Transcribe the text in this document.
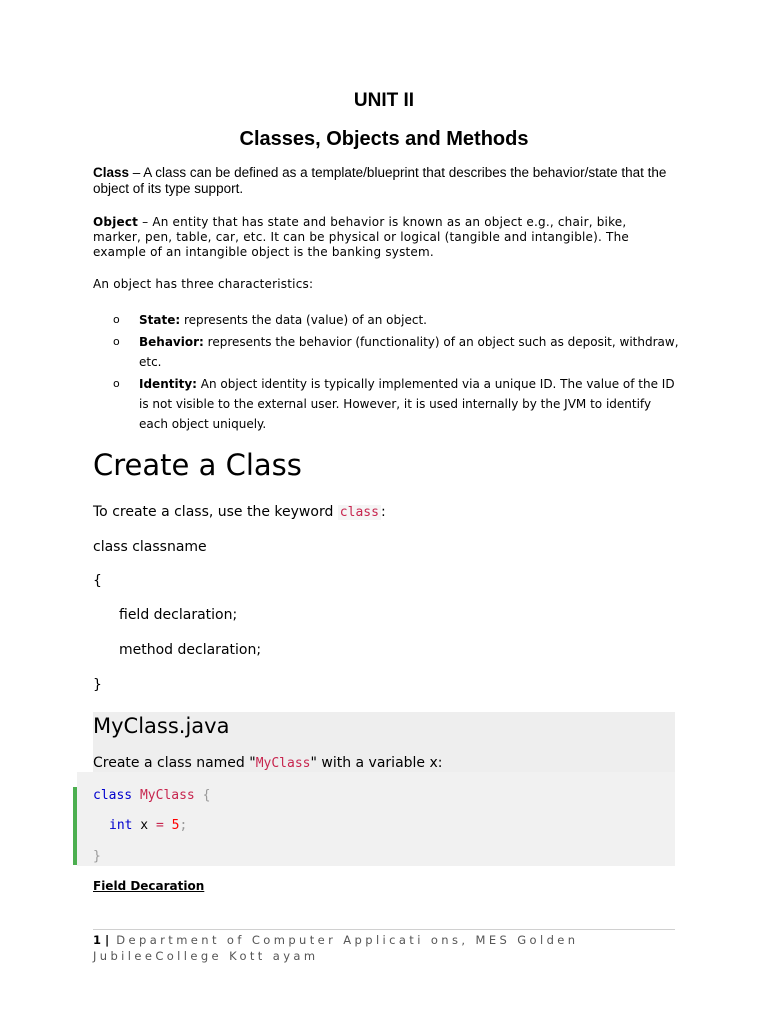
UNIT II
Classes, Objects and Methods
Class – A class can be defined as a template/blueprint that describes the behavior/state that the object of its type support.
Object – An entity that has state and behavior is known as an object e.g., chair, bike, marker, pen, table, car, etc. It can be physical or logical (tangible and intangible). The example of an intangible object is the banking system.
An object has three characteristics:
o State: represents the data (value) of an object.
o Behavior: represents the behavior (functionality) of an object such as deposit, withdraw, etc.
o Identity: An object identity is typically implemented via a unique ID. The value of the ID is not visible to the external user. However, it is used internally by the JVM to identify each object uniquely.
Create a Class
To create a class, use the keyword class :
class classname
{
field declaration;
method declaration;
}
MyClass.java
Create a class named "MyClass" with a variable x:
class MyClass {
int x = 5;
}
Field Decaration
1 | Department of Computer Applicati ons, MES Golden JubileeCollege Kott ayam
